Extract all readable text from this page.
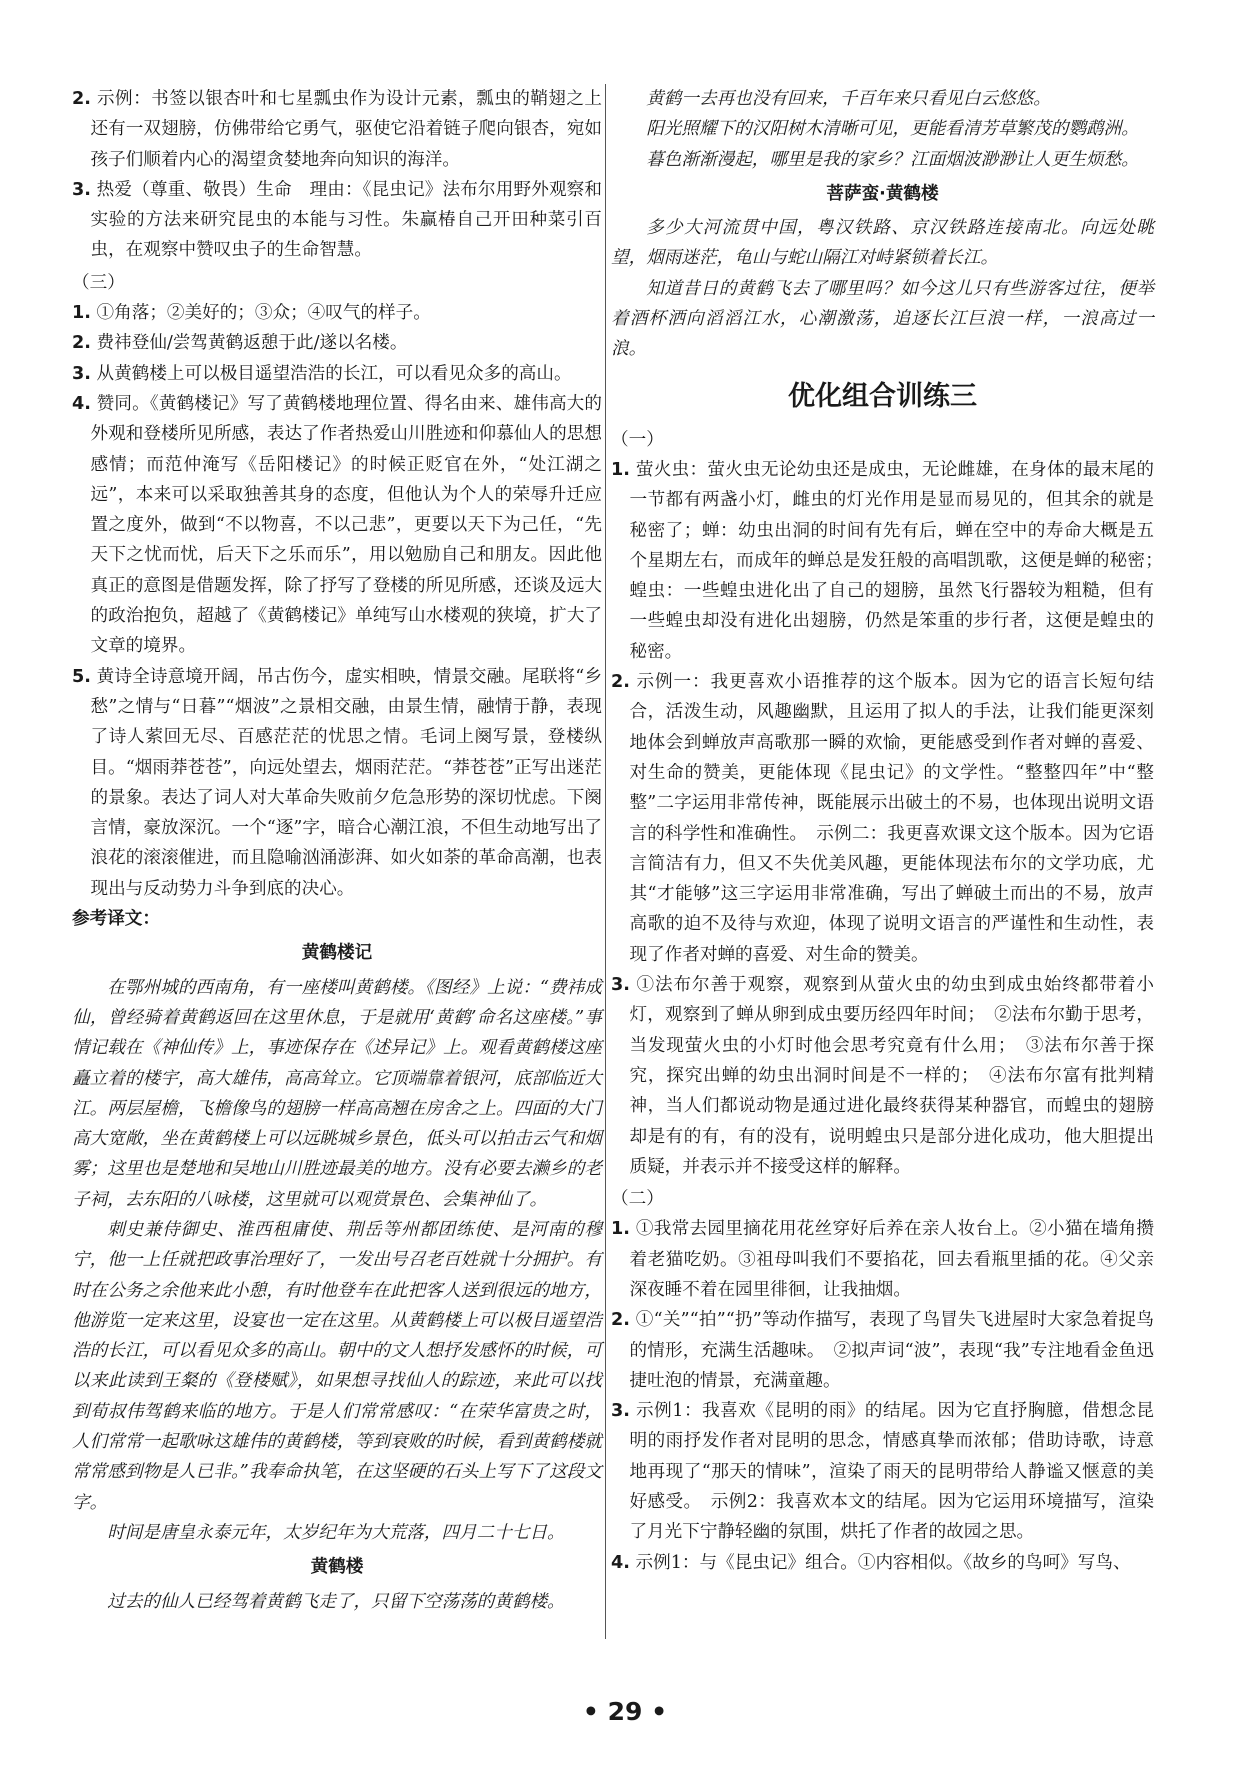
2. 示例：书签以银杏叶和七星瓢虫作为设计元素，瓢虫的鞘翅之上还有一双翅膀，仿佛带给它勇气，驱使它沿着链子爬向银杏，宛如孩子们顺着内心的渴望贪婪地奔向知识的海洋。

3. 热爱（尊重、敬畏）生命　理由：《昆虫记》法布尔用野外观察和实验的方法来研究昆虫的本能与习性。朱赢椿自己开田种菜引百虫，在观察中赞叹虫子的生命智慧。

（三）

1. ①角落；②美好的；③众；④叹气的样子。

2. 费祎登仙/尝驾黄鹤返憩于此/遂以名楼。

3. 从黄鹤楼上可以极目遥望浩浩的长江，可以看见众多的高山。

4. 赞同。《黄鹤楼记》写了黄鹤楼地理位置、得名由来、雄伟高大的外观和登楼所见所感，表达了作者热爱山川胜迹和仰慕仙人的思想感情；而范仲淹写《岳阳楼记》的时候正贬官在外，“处江湖之远”，本来可以采取独善其身的态度，但他认为个人的荣辱升迁应置之度外，做到“不以物喜，不以己悲”，更要以天下为己任，“先天下之忧而忧，后天下之乐而乐”，用以勉励自己和朋友。因此他真正的意图是借题发挥，除了抒写了登楼的所见所感，还谈及远大的政治抱负，超越了《黄鹤楼记》单纯写山水楼观的狭境，扩大了文章的境界。

5. 黄诗全诗意境开阔，吊古伤今，虚实相映，情景交融。尾联将“乡愁”之情与“日暮”“烟波”之景相交融，由景生情，融情于静，表现了诗人萦回无尽、百感茫茫的忧思之情。毛词上阕写景，登楼纵目。“烟雨莽苍苍”，向远处望去，烟雨茫茫。“莽苍苍”正写出迷茫的景象。表达了词人对大革命失败前夕危急形势的深切忧虑。下阕言情，豪放深沉。一个“逐”字，暗合心潮江浪，不但生动地写出了浪花的滚滚催进，而且隐喻汹涌澎湃、如火如荼的革命高潮，也表现出与反动势力斗争到底的决心。

参考译文：

黄鹤楼记

在鄂州城的西南角，有一座楼叫黄鹤楼。《图经》上说：“费祎成仙，曾经骑着黄鹤返回在这里休息，于是就用‘黄鹤’命名这座楼。”事情记载在《神仙传》上，事迹保存在《述异记》上。观看黄鹤楼这座矗立着的楼宇，高大雄伟，高高耸立。它顶端靠着银河，底部临近大江。两层屋檐，飞檐像鸟的翅膀一样高高翘在房舍之上。四面的大门高大宽敞，坐在黄鹤楼上可以远眺城乡景色，低头可以拍击云气和烟雾；这里也是楚地和吴地山川胜迹最美的地方。没有必要去濑乡的老子祠，去东阳的八咏楼，这里就可以观赏景色、会集神仙了。

刺史兼侍御史、淮西租庸使、荆岳等州都团练使、是河南的穆宁，他一上任就把政事治理好了，一发出号召老百姓就十分拥护。有时在公务之余他来此小憩，有时他登车在此把客人送到很远的地方，他游览一定来这里，设宴也一定在这里。从黄鹤楼上可以极目遥望浩浩的长江，可以看见众多的高山。朝中的文人想抒发感怀的时候，可以来此读到王粲的《登楼赋》，如果想寻找仙人的踪迹，来此可以找到荀叔伟驾鹤来临的地方。于是人们常常感叹：“在荣华富贵之时，人们常常一起歌咏这雄伟的黄鹤楼，等到衰败的时候，看到黄鹤楼就常常感到物是人已非。”我奉命执笔，在这坚硬的石头上写下了这段文字。

时间是唐皇永泰元年，太岁纪年为大荒落，四月二十七日。

黄鹤楼

过去的仙人已经驾着黄鹤飞走了，只留下空荡荡的黄鹤楼。

黄鹤一去再也没有回来，千百年来只看见白云悠悠。

阳光照耀下的汉阳树木清晰可见，更能看清芳草繁茂的鹦鹉洲。

暮色渐渐漫起，哪里是我的家乡？江面烟波渺渺让人更生烦愁。

菩萨蛮·黄鹤楼

多少大河流贯中国，粤汉铁路、京汉铁路连接南北。向远处眺望，烟雨迷茫，龟山与蛇山隔江对峙紧锁着长江。

知道昔日的黄鹤飞去了哪里吗？如今这儿只有些游客过往，便举着酒杯洒向滔滔江水，心潮激荡，追逐长江巨浪一样，一浪高过一浪。

优化组合训练三

（一）

1. 萤火虫：萤火虫无论幼虫还是成虫，无论雌雄，在身体的最末尾的一节都有两盏小灯，雌虫的灯光作用是显而易见的，但其余的就是秘密了；蝉：幼虫出洞的时间有先有后，蝉在空中的寿命大概是五个星期左右，而成年的蝉总是发狂般的高唱凯歌，这便是蝉的秘密；　蝗虫：一些蝗虫进化出了自己的翅膀，虽然飞行器较为粗糙，但有一些蝗虫却没有进化出翅膀，仍然是笨重的步行者，这便是蝗虫的秘密。

2. 示例一：我更喜欢小语推荐的这个版本。因为它的语言长短句结合，活泼生动，风趣幽默，且运用了拟人的手法，让我们能更深刻地体会到蝉放声高歌那一瞬的欢愉，更能感受到作者对蝉的喜爱、对生命的赞美，更能体现《昆虫记》的文学性。“整整四年”中“整整”二字运用非常传神，既能展示出破土的不易，也体现出说明文语言的科学性和准确性。　示例二：我更喜欢课文这个版本。因为它语言简洁有力，但又不失优美风趣，更能体现法布尔的文学功底，尤其“才能够”这三字运用非常准确，写出了蝉破土而出的不易，放声高歌的迫不及待与欢迎，体现了说明文语言的严谨性和生动性，表现了作者对蝉的喜爱、对生命的赞美。

3. ①法布尔善于观察，观察到从萤火虫的幼虫到成虫始终都带着小灯，观察到了蝉从卵到成虫要历经四年时间；　②法布尔勤于思考，当发现萤火虫的小灯时他会思考究竟有什么用；　③法布尔善于探究，探究出蝉的幼虫出洞时间是不一样的；　④法布尔富有批判精神，当人们都说动物是通过进化最终获得某种器官，而蝗虫的翅膀却是有的有，有的没有，说明蝗虫只是部分进化成功，他大胆提出质疑，并表示并不接受这样的解释。

（二）

1. ①我常去园里摘花用花丝穿好后养在亲人妆台上。②小猫在墙角攒着老猫吃奶。③祖母叫我们不要掐花，回去看瓶里插的花。④父亲深夜睡不着在园里徘徊，让我抽烟。

2. ①“关”“拍”“扔”等动作描写，表现了鸟冒失飞进屋时大家急着捉鸟的情形，充满生活趣味。　②拟声词“波”，表现“我”专注地看金鱼迅捷吐泡的情景，充满童趣。

3. 示例1：我喜欢《昆明的雨》的结尾。因为它直抒胸臆，借想念昆明的雨抒发作者对昆明的思念，情感真挚而浓郁；借助诗歌，诗意地再现了“那天的情味”，渲染了雨天的昆明带给人静谧又惬意的美好感受。　示例2：我喜欢本文的结尾。因为它运用环境描写，渲染了月光下宁静轻幽的氛围，烘托了作者的故园之思。

4. 示例1：与《昆虫记》组合。①内容相似。《故乡的鸟呵》写鸟、

• 29 •
